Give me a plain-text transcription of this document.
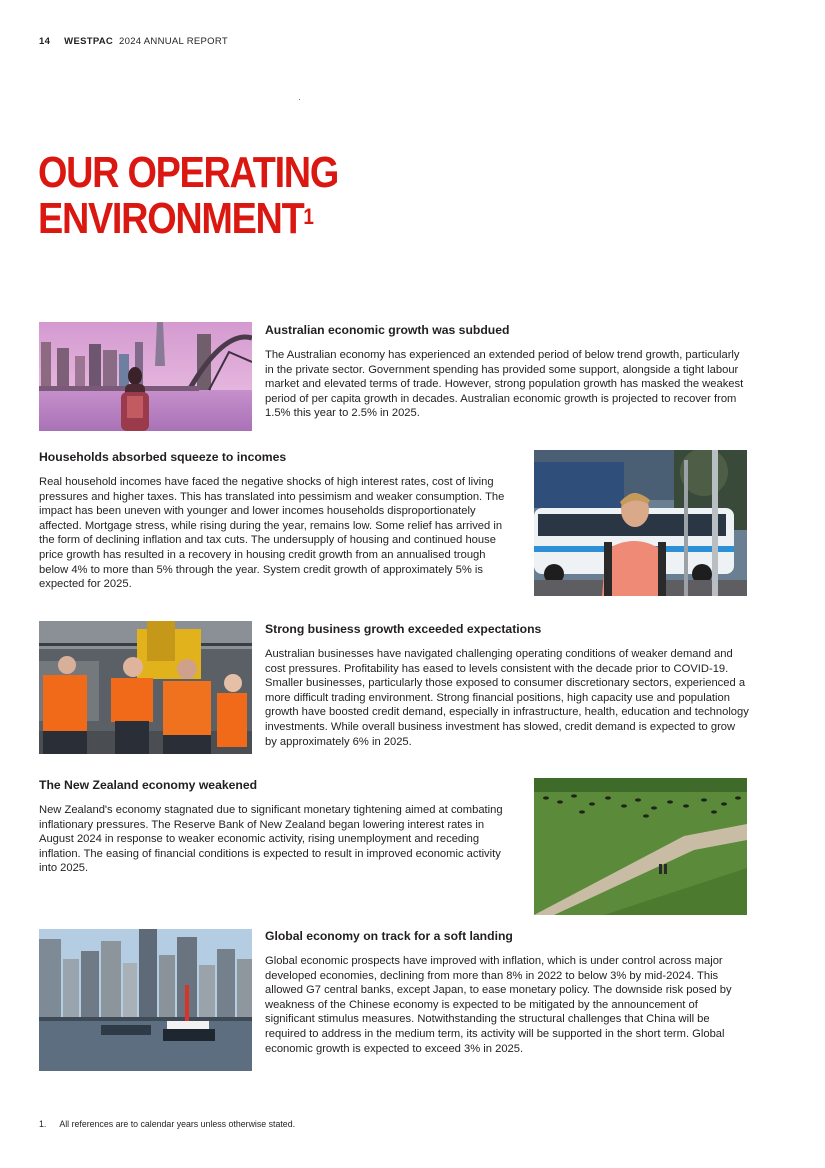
14 WESTPAC 2024 ANNUAL REPORT
OUR OPERATING
ENVIRONMENT$^1$
Australian economic growth was subdued

The Australian economy has experienced an extended period of below trend growth, particularly in the private sector. Government spending has provided some support, alongside a tight labour market and elevated terms of trade. However, strong population growth has masked the weakest period of per capita growth in decades. Australian economic growth is projected to recover from 1.5% this year to 2.5% in 2025.

Households absorbed squeeze to incomes

Real household incomes have faced the negative shocks of high interest rates, cost of living pressures and higher taxes. This has translated into pessimism and weaker consumption. The impact has been uneven with younger and lower incomes households disproportionately affected. Mortgage stress, while rising during the year, remains low. Some relief has arrived in the form of declining inflation and tax cuts. The undersupply of housing and continued house price growth has resulted in a recovery in housing credit growth from an annualised trough below 4% to more than 5% through the year. System credit growth of approximately 5% is expected for 2025.

Strong business growth exceeded expectations

Australian businesses have navigated challenging operating conditions of weaker demand and cost pressures. Profitability has eased to levels consistent with the decade prior to COVID-19. Smaller businesses, particularly those exposed to consumer discretionary sectors, experienced a more difficult trading environment. Strong financial positions, high capacity use and population growth have boosted credit demand, especially in infrastructure, health, education and technology investments. While overall business investment has slowed, credit demand is expected to grow by approximately 6% in 2025.

The New Zealand economy weakened

New Zealand's economy stagnated due to significant monetary tightening aimed at combating inflationary pressures. The Reserve Bank of New Zealand began lowering interest rates in August 2024 in response to weaker economic activity, rising unemployment and receding inflation. The easing of financial conditions is expected to result in improved economic activity into 2025.

Global economy on track for a soft landing

Global economic prospects have improved with inflation, which is under control across major developed economies, declining from more than 8% in 2022 to below 3% by mid-2024. This allowed G7 central banks, except Japan, to ease monetary policy. The downside risk posed by weakness of the Chinese economy is expected to be mitigated by the announcement of significant stimulus measures. Notwithstanding the structural challenges that China will be required to address in the medium term, its activity will be supported in the short term. Global economic growth is expected to exceed 3% in 2025.

1. All references are to calendar years unless otherwise stated.
